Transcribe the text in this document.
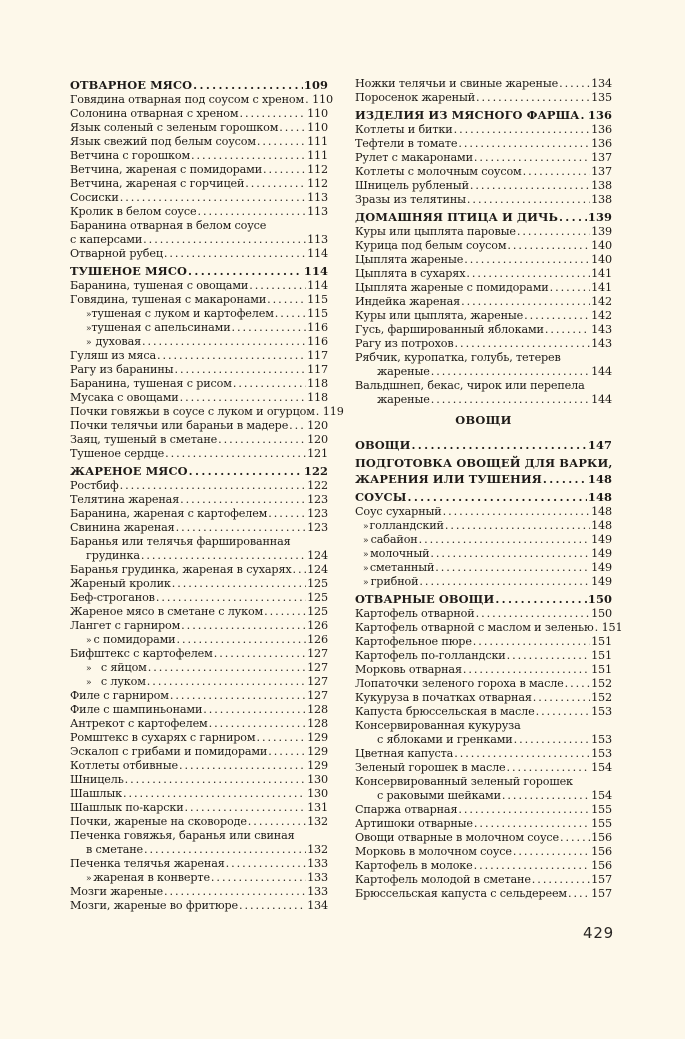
ОТВАРНОЕ МЯСО . . .	109
Говядина отварная под соусом с хреном . . . 110
Солонина отварная с хреном . . .	110
Язык соленый с зеленым горошком . . .	110
Язык свежий под белым соусом . . .	111
Ветчина с горошком . . .	111
Ветчина, жареная с помидорами . . .	112
Ветчина, жареная с горчицей . . .	112
Сосиски . . .	113
Кролик в белом соусе . . .	113
Баранина отварная в белом соусе
с каперсами . . .	113
Отварной рубец . . .	114
ТУШЕНОЕ МЯСО . . .	114
Баранина, тушеная с овощами . . .	114
Говядина, тушеная с макаронами . . .	115
» тушеная с луком и картофелем . . .	115
» тушеная с апельсинами . . .	116
» духовая . . .	116
Гуляш из мяса . . .	117
Рагу из баранины . . .	117
Баранина, тушеная с рисом . . .	118
Мусака с овощами . . .	118
Почки говяжьи в соусе с луком и огурцом . . . 119
Почки телячьи или бараньи в мадере . . . 120
Заяц, тушеный в сметане . . .	120
Тушеное сердце . . .	121
ЖАРЕНОЕ МЯСО . . .	122
Ростбиф . . .	122
Телятина жареная . . .	123
Баранина, жареная с картофелем . . .	123
Свинина жареная . . .	123
Баранья или телячья фаршированная
грудинка . . .	124
Баранья грудинка, жареная в сухарях . . . 124
Жареный кролик . . .	125
Беф-строганов . . .	125
Жареное мясо в сметане с луком . . .	125
Лангет с гарниром . . .	126
» с помидорами . . .	126
Бифштекс с картофелем . . .	127
» с яйцом . . .	127
» с луком . . .	127
Филе с гарниром . . .	127
Филе с шампиньонами . . .	128
Антрекот с картофелем . . .	128
Ромштекс в сухарях с гарниром . . .	129
Эскалоп с грибами и помидорами . . .	129
Котлеты отбивные . . .	129
Шницель . . .	130
Шашлык . . .	130
Шашлык по-карски . . .	131
Почки, жареные на сковороде . . .	132
Печенка говяжья, баранья или свиная
в сметане . . .	132
Печенка телячья жареная . . .	133
» жареная в конверте . . .	133
Мозги жареные . . .	133
Мозги, жареные во фритюре . . .	134
Ножки телячьи и свиные жареные . . .	134
Поросенок жареный . . .	135
ИЗДЕЛИЯ ИЗ МЯСНОГО ФАРША . . . 136
Котлеты и битки . . .	136
Тефтели в томате . . .	136
Рулет с макаронами . . .	137
Котлеты с молочным соусом . . .	137
Шницель рубленый . . .	138
Зразы из телятины . . .	138
ДОМАШНЯЯ ПТИЦА И ДИЧЬ . . .	139
Куры или цыплята паровые . . .	139
Курица под белым соусом . . .	140
Цыплята жареные . . .	140
Цыплята в сухарях . . .	141
Цыплята жареные с помидорами . . .	141
Индейка жареная . . .	142
Куры или цыплята, жареные . . .	142
Гусь, фаршированный яблоками . . .	143
Рагу из потрохов . . .	143
Рябчик, куропатка, голубь, тетерев
жареные . . .	144
Вальдшнеп, бекас, чирок или перепела
жареные . . .	144
ОВОЩИ
ОВОЩИ . . .	147
ПОДГОТОВКА ОВОЩЕЙ ДЛЯ ВАРКИ,
ЖАРЕНИЯ ИЛИ ТУШЕНИЯ . . .	148
СОУСЫ . . .	148
Соус сухарный . . .	148
» голландский . . .	148
» сабайон . . .	149
» молочный . . .	149
» сметанный . . .	149
» грибной . . .	149
ОТВАРНЫЕ ОВОЩИ . . .	150
Картофель отварной . . .	150
Картофель отварной с маслом и зеленью . . . 151
Картофельное пюре . . .	151
Картофель по-голландски . . .	151
Морковь отварная . . .	151
Лопаточки зеленого гороха в масле . . . 152
Кукуруза в початках отварная . . .	152
Капуста брюссельская в масле . . .	153
Консервированная кукуруза
с яблоками и гренками . . .	153
Цветная капуста . . .	153
Зеленый горошек в масле . . .	154
Консервированный зеленый горошек
с раковыми шейками . . .	154
Спаржа отварная . . .	155
Артишоки отварные . . .	155
Овощи отварные в молочном соусе . . .	156
Морковь в молочном соусе . . .	156
Картофель в молоке . . .	156
Картофель молодой в сметане . . .	157
Брюссельская капуста с сельдереем . . . 157
429
